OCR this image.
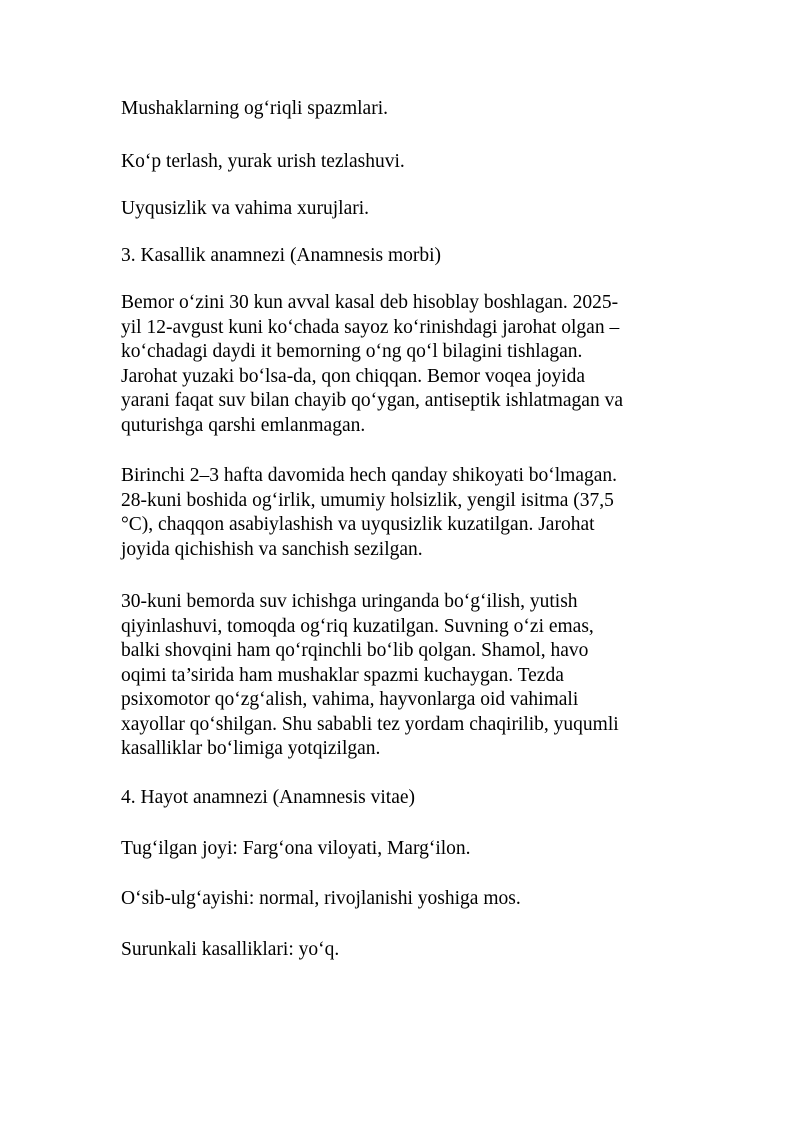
Mushaklarning og‘riqli spazmlari.

Ko‘p terlash, yurak urish tezlashuvi.

Uyqusizlik va vahima xurujlari.

3. Kasallik anamnezi (Anamnesis morbi)

Bemor o‘zini 30 kun avval kasal deb hisoblay boshlagan. 2025-
yil 12-avgust kuni ko‘chada sayoz ko‘rinishdagi jarohat olgan –
ko‘chadagi daydi it bemorning o‘ng qo‘l bilagini tishlagan.
Jarohat yuzaki bo‘lsa-da, qon chiqqan. Bemor voqea joyida
yarani faqat suv bilan chayib qo‘ygan, antiseptik ishlatmagan va
quturishga qarshi emlanmagan.

Birinchi 2–3 hafta davomida hech qanday shikoyati bo‘lmagan.
28-kuni boshida og‘irlik, umumiy holsizlik, yengil isitma (37,5
°C), chaqqon asabiylashish va uyqusizlik kuzatilgan. Jarohat
joyida qichishish va sanchish sezilgan.

30-kuni bemorda suv ichishga uringanda bo‘g‘ilish, yutish
qiyinlashuvi, tomoqda og‘riq kuzatilgan. Suvning o‘zi emas,
balki shovqini ham qo‘rqinchli bo‘lib qolgan. Shamol, havo
oqimi ta’sirida ham mushaklar spazmi kuchaygan. Tezda
psixomotor qo‘zg‘alish, vahima, hayvonlarga oid vahimali
xayollar qo‘shilgan. Shu sababli tez yordam chaqirilib, yuqumli
kasalliklar bo‘limiga yotqizilgan.

4. Hayot anamnezi (Anamnesis vitae)

Tug‘ilgan joyi: Farg‘ona viloyati, Marg‘ilon.

O‘sib-ulg‘ayishi: normal, rivojlanishi yoshiga mos.

Surunkali kasalliklari: yo‘q.
